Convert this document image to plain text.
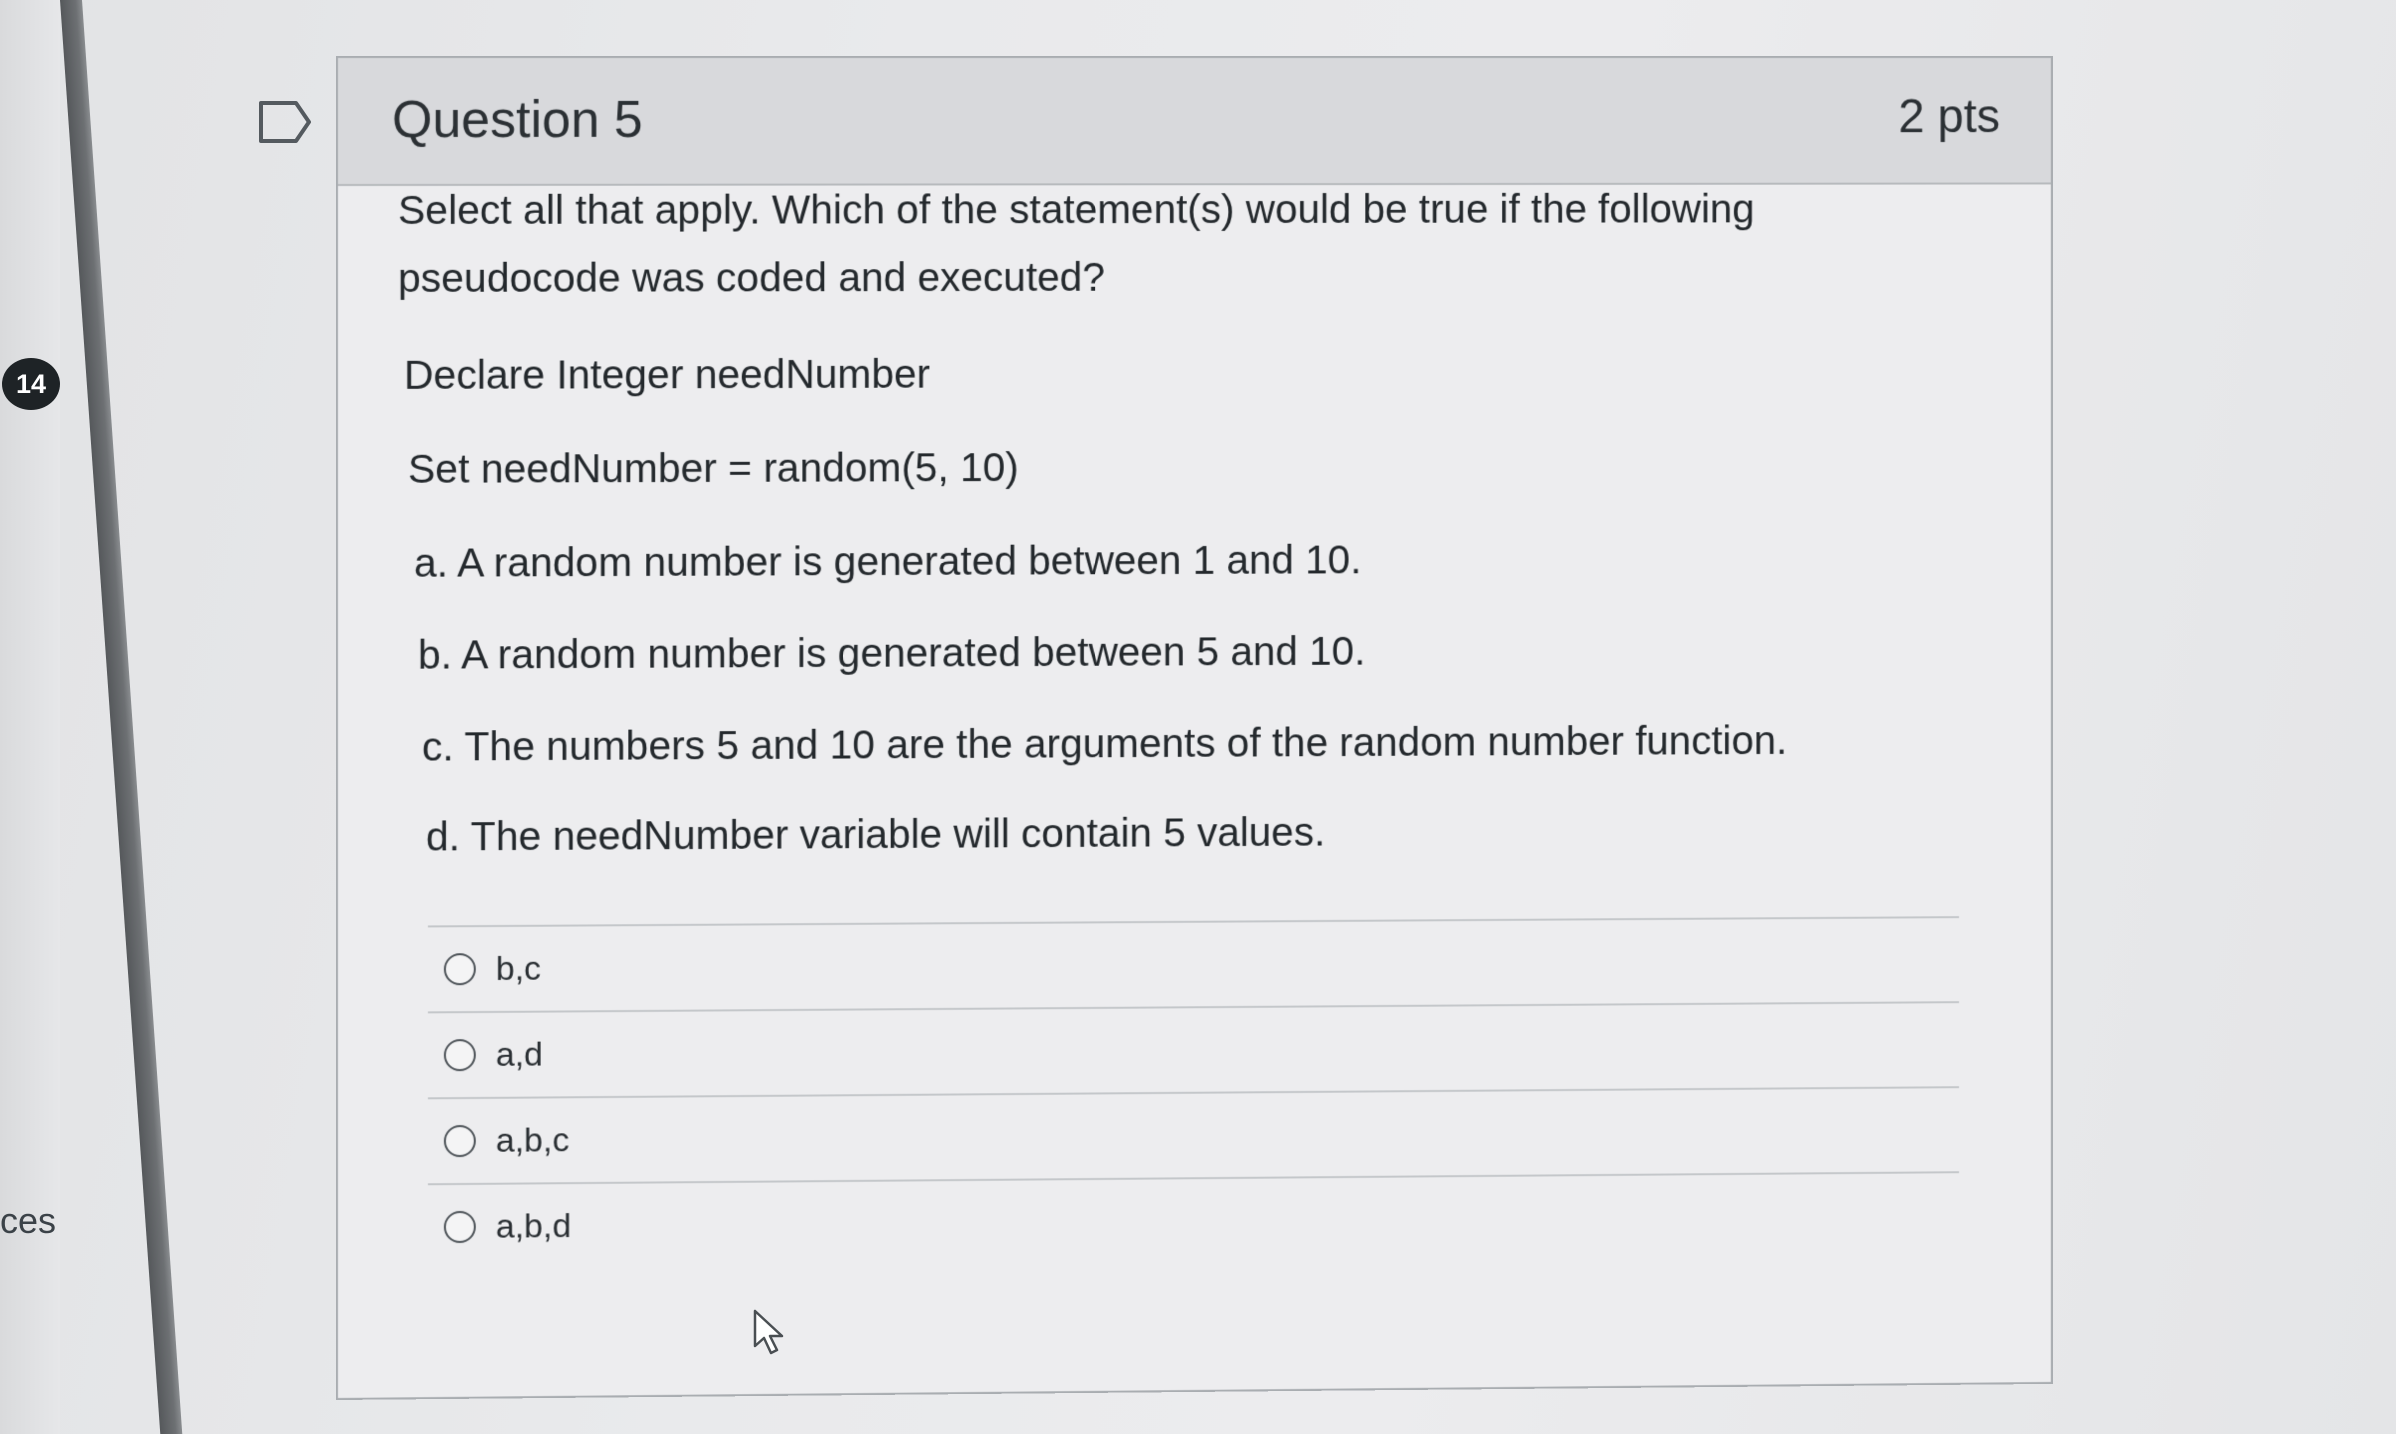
14
ces
Question 5	2 pts
Select all that apply. Which of the statement(s) would be true if the following pseudocode was coded and executed?
Declare Integer needNumber
Set needNumber = random(5, 10)
a. A random number is generated between 1 and 10.
b. A random number is generated between 5 and 10.
c. The numbers 5 and 10 are the arguments of the random number function.
d. The needNumber variable will contain 5 values.
b,c
a,d
a,b,c
a,b,d
